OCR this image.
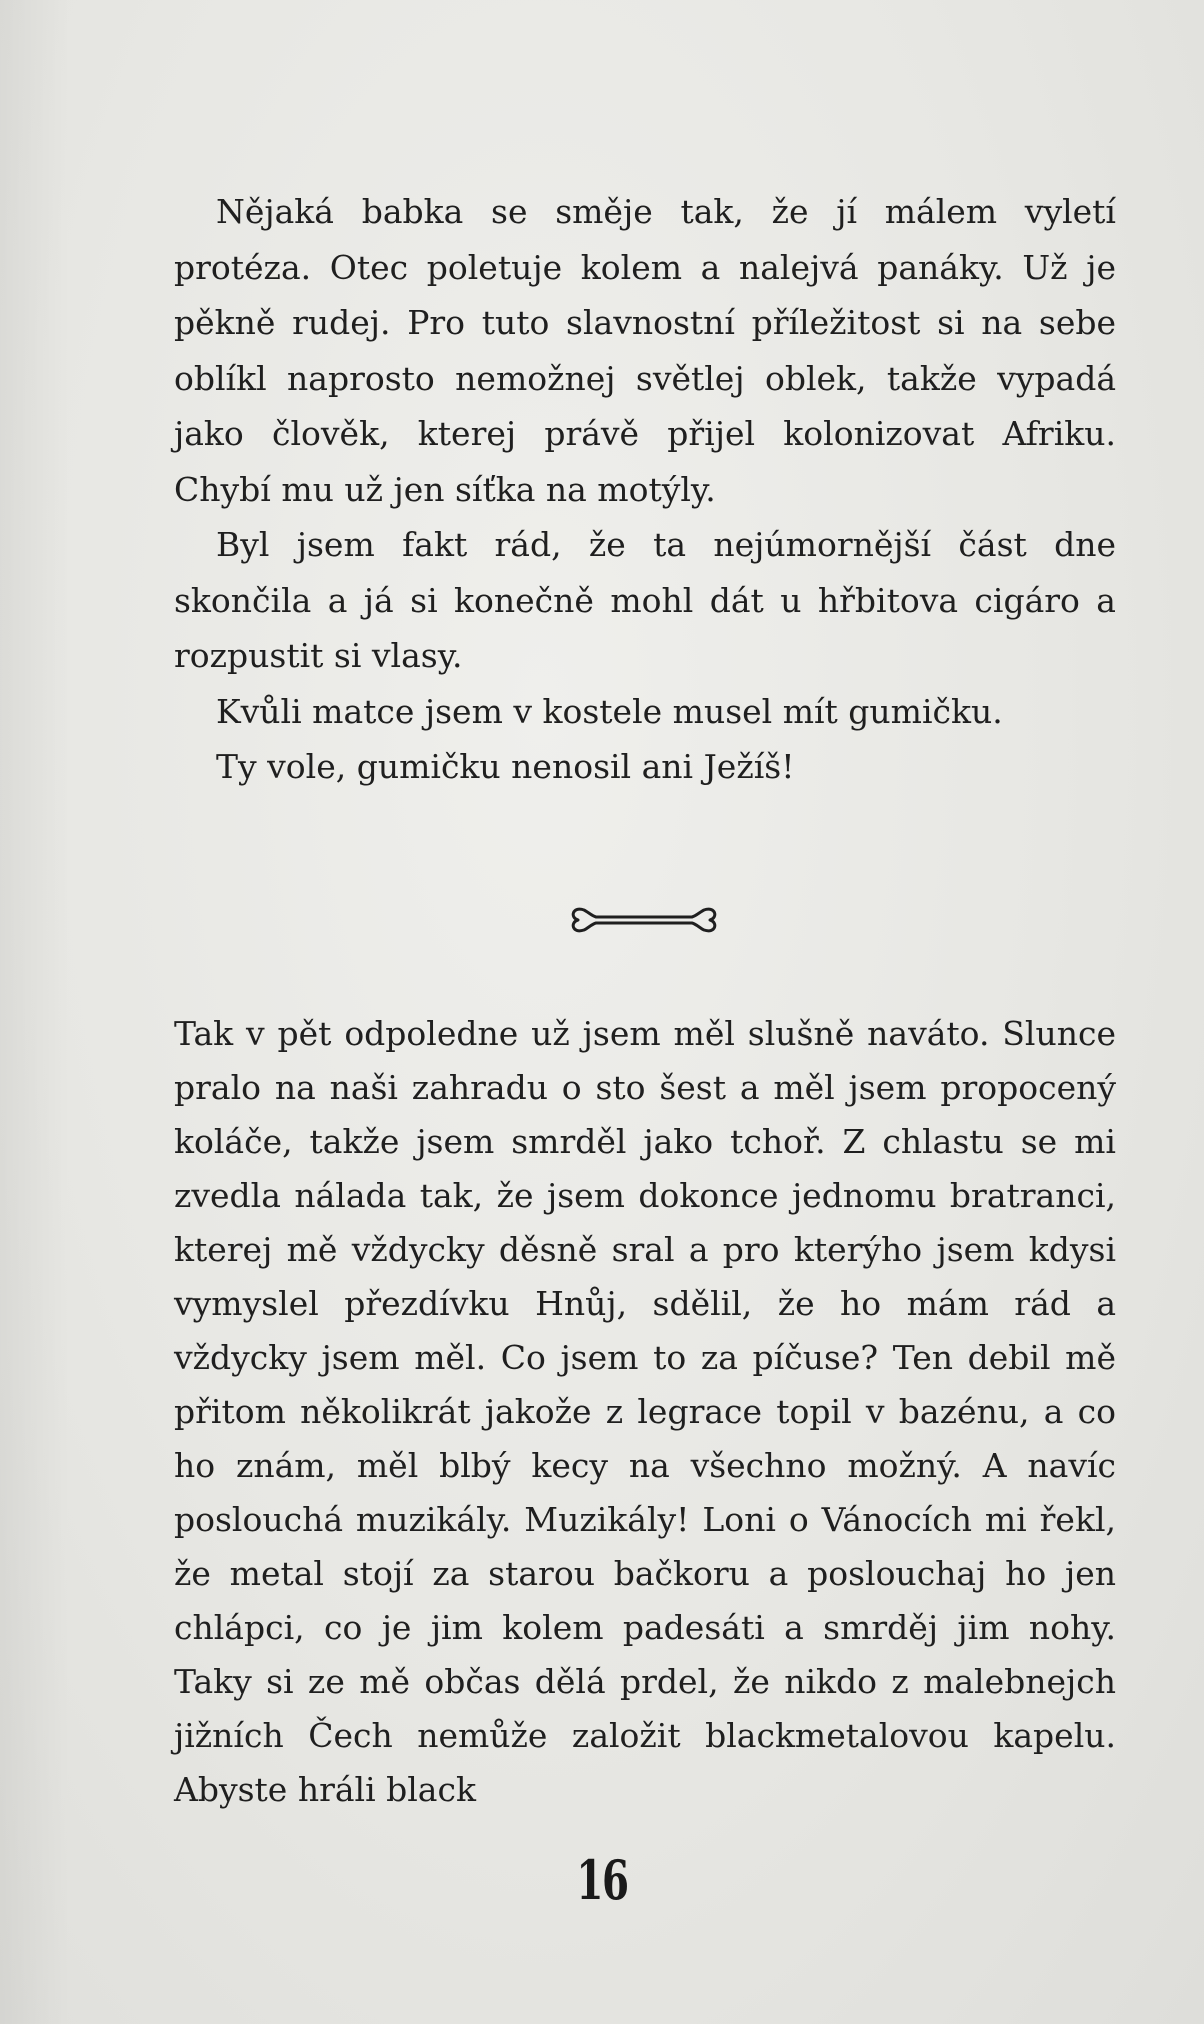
Nějaká babka se směje tak, že jí málem vyletí protéza. Otec poletuje kolem a nalejvá panáky. Už je pěkně rudej. Pro tuto slavnostní příležitost si na sebe oblíkl naprosto nemožnej světlej oblek, takže vypadá jako člověk, kterej právě přijel kolonizovat Afriku. Chybí mu už jen síťka na motýly.

Byl jsem fakt rád, že ta nejúmornější část dne skončila a já si konečně mohl dát u hřbitova cigáro a rozpustit si vlasy.

Kvůli matce jsem v kostele musel mít gumičku.

Ty vole, gumičku nenosil ani Ježíš!

Tak v pět odpoledne už jsem měl slušně naváto. Slunce pralo na naši zahradu o sto šest a měl jsem propocený koláče, takže jsem smrděl jako tchoř. Z chlastu se mi zvedla nálada tak, že jsem dokonce jednomu bratranci, kterej mě vždycky děsně sral a pro kterýho jsem kdysi vymyslel přezdívku Hnůj, sdělil, že ho mám rád a vždycky jsem měl. Co jsem to za píčuse? Ten debil mě přitom několikrát jakože z legrace topil v bazénu, a co ho znám, měl blbý kecy na všechno možný. A navíc poslouchá muzikály. Muzikály! Loni o Vánocích mi řekl, že metal stojí za starou bačkoru a poslouchaj ho jen chlápci, co je jim kolem padesáti a smrděj jim nohy. Taky si ze mě občas dělá prdel, že nikdo z malebnejch jižních Čech nemůže založit blackmetalovou kapelu. Abyste hráli black

16
